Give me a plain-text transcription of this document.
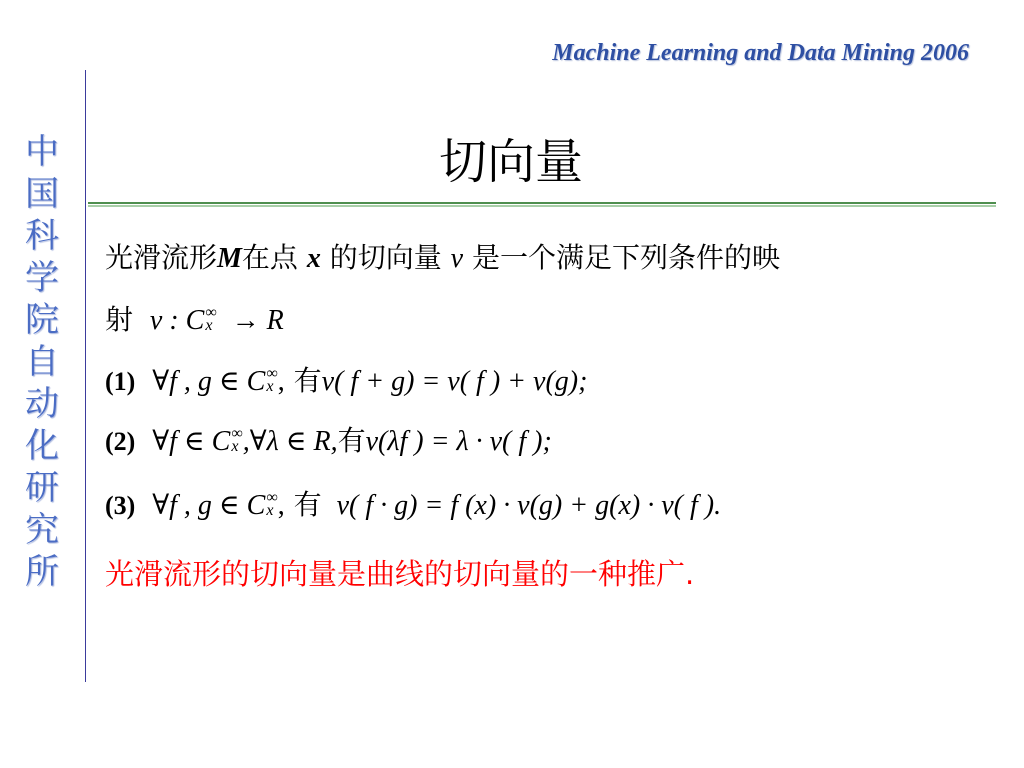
Machine Learning and Data Mining 2006
中
国
科
学
院
自
动
化
研
究
所
切向量
光滑流形M在点 x 的切向量 v 是一个满足下列条件的映
射 v : C ∞
x → R
(1) ∀f , g ∈ C ∞
x , 有v( f + g) = v( f ) + v(g);
(2) ∀f ∈ C ∞
x ,∀λ ∈ R,有v(λf ) = λ · v( f );
(3) ∀f , g ∈ C ∞
x , 有 v( f · g) = f (x) · v(g) + g(x) · v( f ).
光滑流形的切向量是曲线的切向量的一种推广.
